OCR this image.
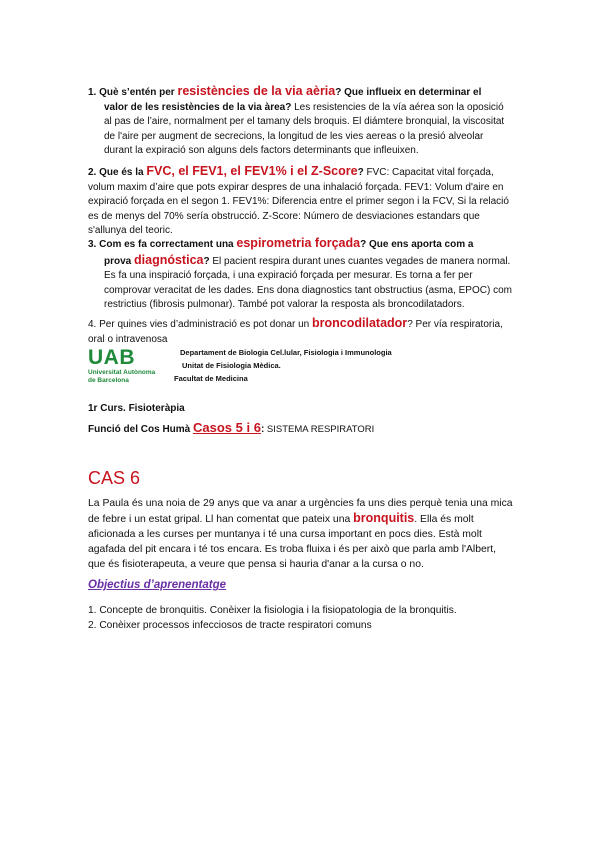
1. Què s’entén per resistències de la via aèria? Que influeix en determinar el
valor de les resistències de la via àrea? Les resistencies de la vía aérea son la oposició al pas de l’aire, normalment per el tamany dels broquis. El diámtere bronquial, la viscositat de l'aire per augment de secrecions, la longitud de les vies aereas o la presió alveolar durant la expiració son alguns dels factors determinants que infleuixen.
2. Que és la FVC, el FEV1, el FEV1% i el Z-Score? FVC: Capacitat vital forçada, volum maxim d’aire que pots expirar despres de una inhalació forçada. FEV1: Volum d'aire en expiració forçada en el segon 1. FEV1%: Diferencia entre el primer segon i la FCV, Si la relació es de menys del 70% sería obstrucció. Z-Score: Número de desviaciones estandars que s'allunya del teoric.
3. Com es fa correctament una espirometria forçada? Que ens aporta com a
prova diagnóstica? El pacient respira durant unes cuantes vegades de manera normal. Es fa una inspiració forçada, i una expiració forçada per mesurar. Es torna a fer per comprovar veracitat de les dades. Ens dona diagnostics tant obstructius (asma, EPOC) com restrictius (fibrosis pulmonar). També pot valorar la resposta als broncodilatadors.
4. Per quines vies d’administració es pot donar un broncodilatador? Per vía respiratoria, oral o intravenosa
UAB
Universitat Autònoma
de Barcelona
Departament de Biologia Cel.lular, Fisiologia i Immunologia
Unitat de Fisiologia Mèdica.
Facultat de Medicina
1r Curs. Fisioteràpia
Funció del Cos Humà Casos 5 i 6: SISTEMA RESPIRATORI
CAS 6
La Paula és una noia de 29 anys que va anar a urgències fa uns dies perquè tenia una mica de febre i un estat gripal. Ll han comentat que pateix una bronquitis. Ella és molt aficionada a les curses per muntanya i té una cursa important en pocs dies. Està molt agafada del pit encara i té tos encara. Es troba fluixa i és per això que parla amb l'Albert, que és fisioterapeuta, a veure que pensa si hauria d'anar a la cursa o no.
Objectius d’aprenentatge
1. Concepte de bronquitis. Conèixer la fisiologia i la fisiopatologia de la bronquitis.
2. Conèixer processos infecciosos de tracte respiratori comuns
